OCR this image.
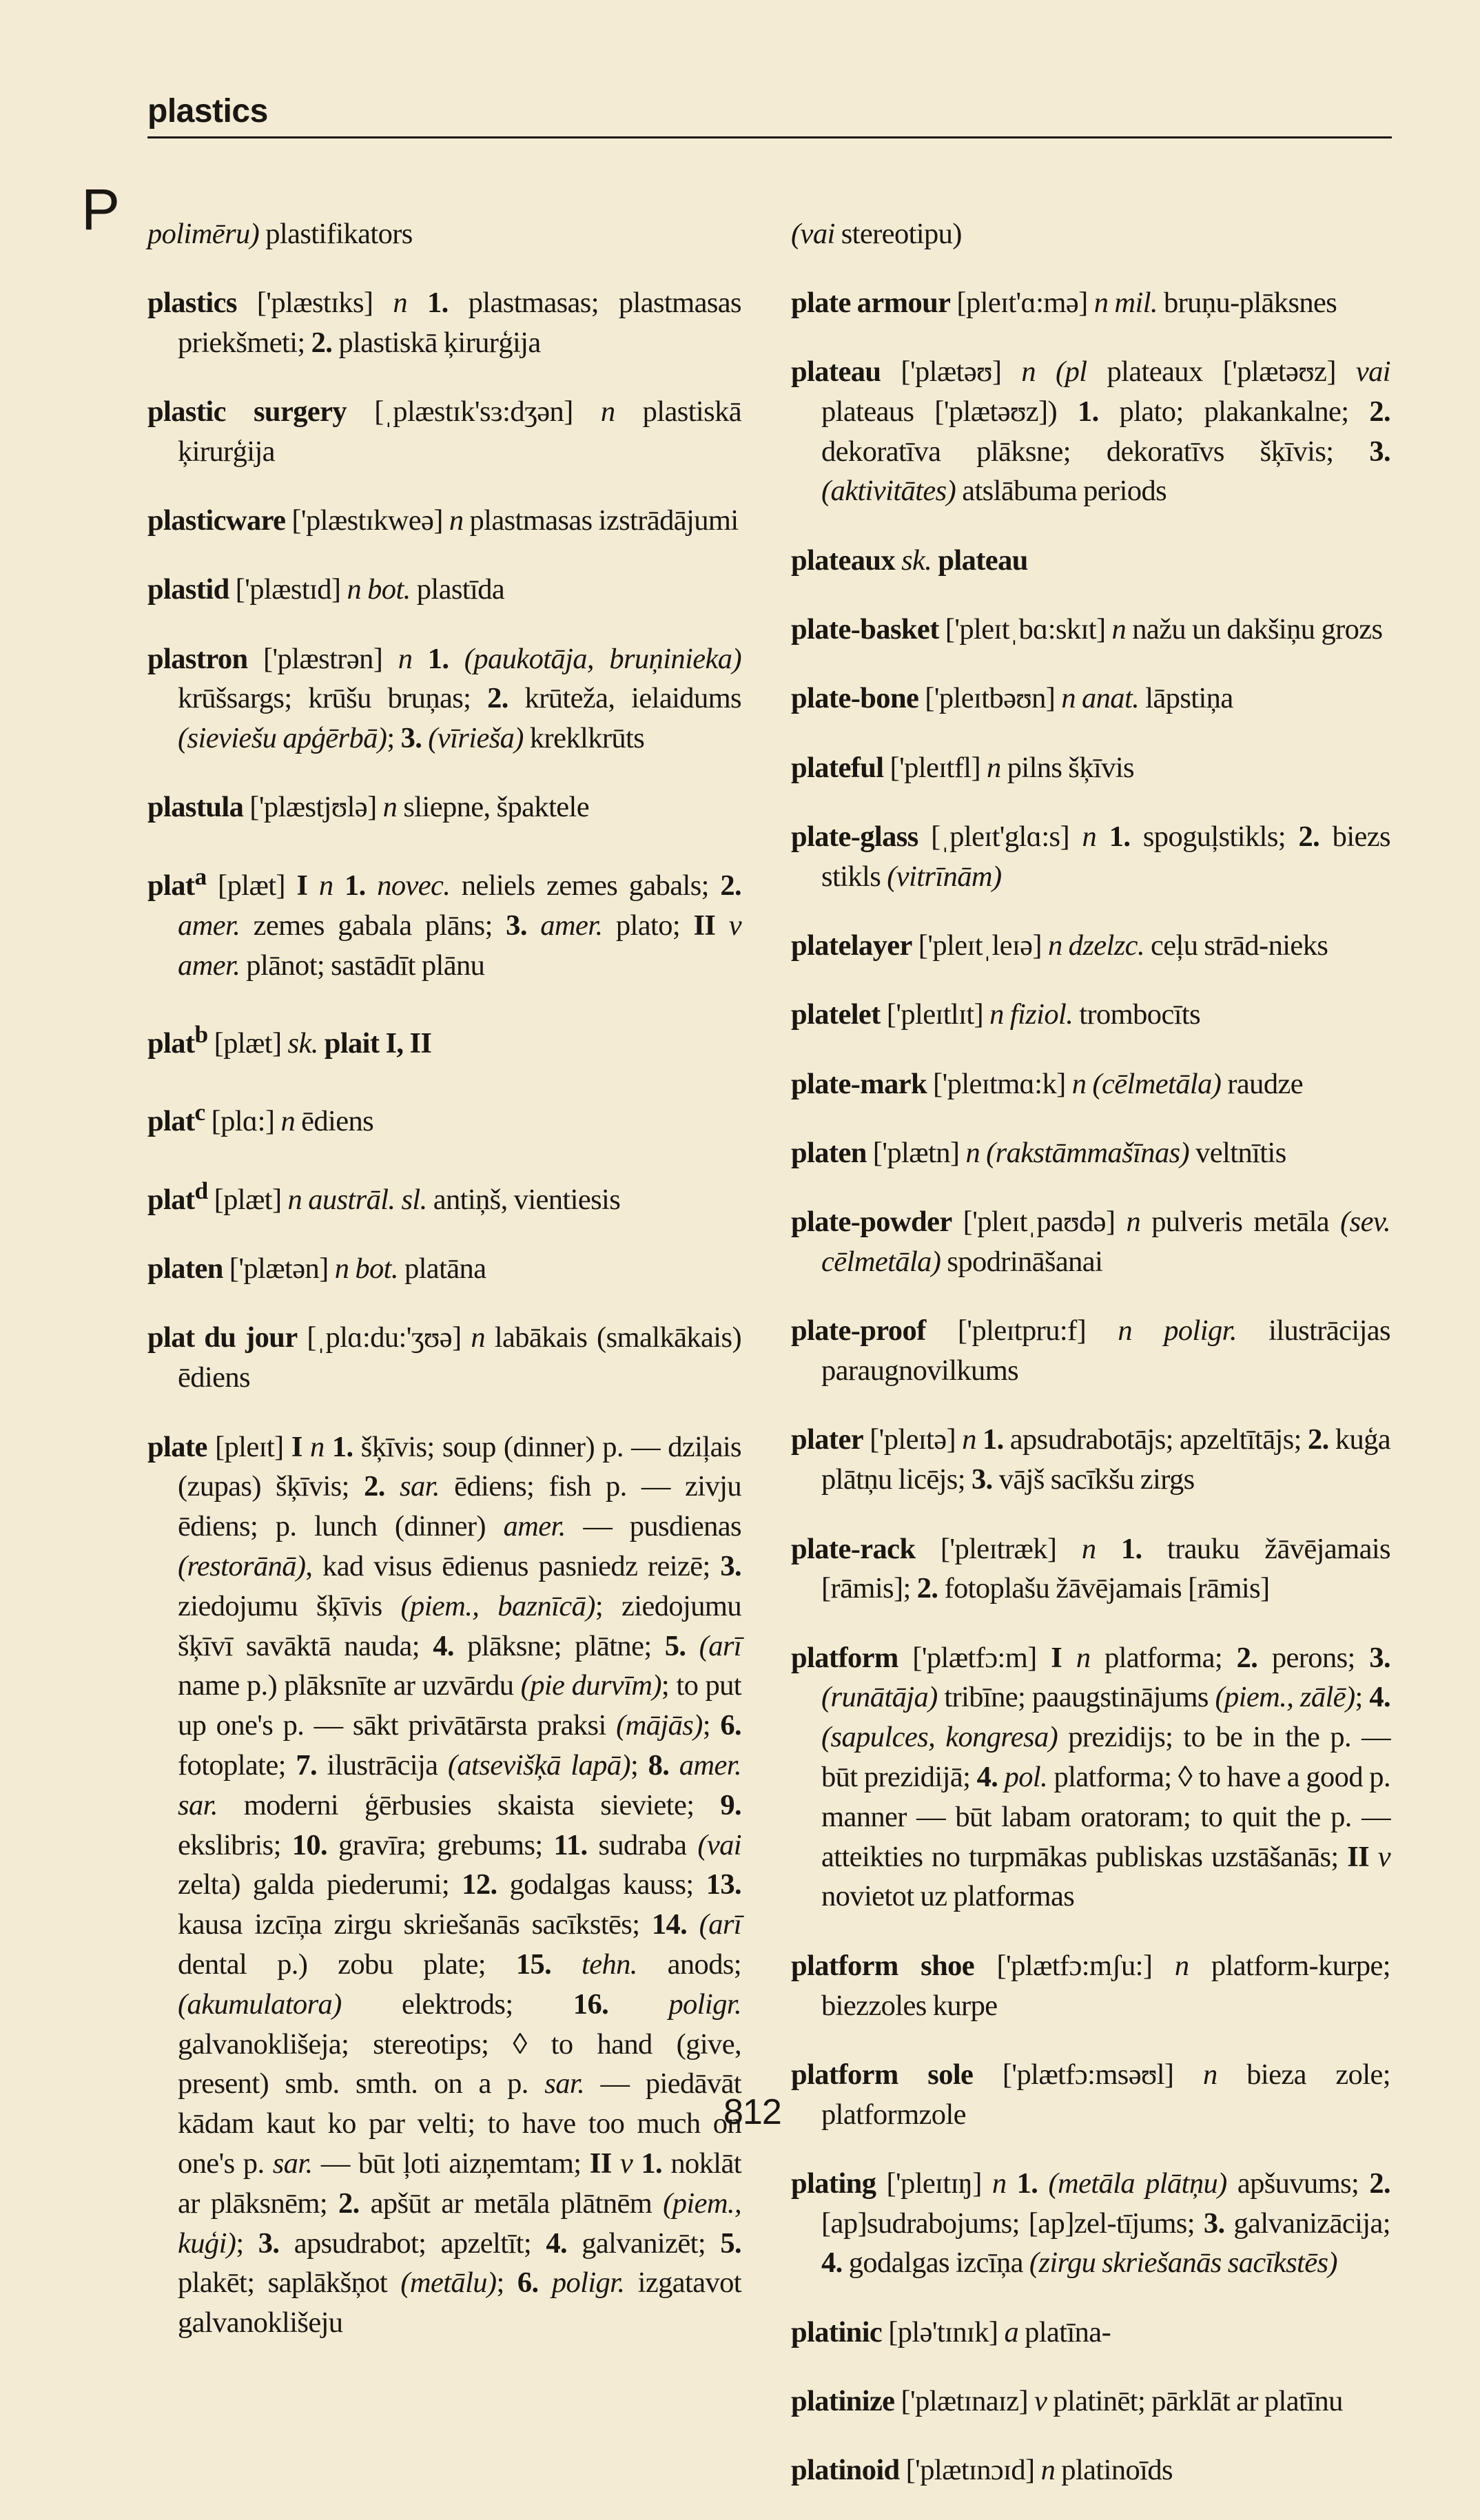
plastics
P polimēru) plastifikators

plastics ['plæstɪks] n 1. plastmasas; plastmasas priekšmeti; 2. plastiskā ķirurģija

plastic surgery [ˌplæstɪk'sɜ:dʒən] n plastiskā ķirurģija

plasticware ['plæstɪkweə] n plastmasas izstrādājumi

plastid ['plæstɪd] n bot. plastīda

plastron ['plæstrən] n 1. (paukotāja, bruņinieka) krūšsargs; krūšu bruņas; 2. krūteža, ielaidums (sieviešu apģērbā); 3. (vīrieša) kreklkrūts

plastula ['plæstjʊlə] n sliepne, špaktele

plat$^a$ [plæt] I n 1. novec. neliels zemes gabals; 2. amer. zemes gabala plāns; 3. amer. plato; II v amer. plānot; sastādīt plānu

plat$^b$ [plæt] sk. plait I, II

plat$^c$ [plɑ:] n ēdiens

plat$^d$ [plæt] n austrāl. sl. antiņš, vientiesis

platen ['plætən] n bot. platāna

plat du jour [ˌplɑ:du:'ʒʊə] n labākais (smalkākais) ēdiens

plate [pleɪt] I n 1. šķīvis; soup (dinner) p. — dziļais (zupas) šķīvis; 2. sar. ēdiens; fish p. — zivju ēdiens; p. lunch (dinner) amer. — pusdienas (restorānā), kad visus ēdienus pasniedz reizē; 3. ziedojumu šķīvis (piem., baznīcā); ziedojumu šķīvī savāktā nauda; 4. plāksne; plātne; 5. (arī name p.) plāksnīte ar uzvārdu (pie durvīm); to put up one's p. — sākt privātārsta praksi (mājās); 6. fotoplate; 7. ilustrācija (atsevišķā lapā); 8. amer. sar. moderni ģērbusies skaista sieviete; 9. ekslibris; 10. gravīra; grebums; 11. sudraba (vai zelta) galda piederumi; 12. godalgas kauss; 13. kausa izcīņa zirgu skriešanās sacīkstēs; 14. (arī dental p.) zobu plate; 15. tehn. anods; (akumulatora) elektrods; 16. poligr. galvanoklišeja; stereotips; ◊ to hand (give, present) smb. smth. on a p. sar. — piedāvāt kādam kaut ko par velti; to have too much on one's p. sar. — būt ļoti aizņemtam; II v 1. noklāt ar plāksnēm; 2. apšūt ar metāla plātnēm (piem., kuģi); 3. apsudrabot; apzeltīt; 4. galvanizēt; 5. plakēt; saplākšņot (metālu); 6. poligr. izgatavot galvanoklišeju

(vai stereotipu)

plate armour [pleɪt'ɑ:mə] n mil. bruņu-plāksnes

plateau ['plætəʊ] n (pl plateaux ['plætəʊz] vai plateaus ['plætəʊz]) 1. plato; plakankalne; 2. dekoratīva plāksne; dekoratīvs šķīvis; 3. (aktivitātes) atslābuma periods

plateaux sk. plateau

plate-basket ['pleɪtˌbɑ:skɪt] n nažu un dakšiņu grozs

plate-bone ['pleɪtbəʊn] n anat. lāpstiņa

plateful ['pleɪtfl] n pilns šķīvis

plate-glass [ˌpleɪt'glɑ:s] n 1. spoguļstikls; 2. biezs stikls (vitrīnām)

platelayer ['pleɪtˌleɪə] n dzelzc. ceļu strād-nieks

platelet ['pleɪtlɪt] n fiziol. trombocīts

plate-mark ['pleɪtmɑ:k] n (cēlmetāla) raudze

platen ['plætn] n (rakstāmmašīnas) veltnītis

plate-powder ['pleɪtˌpaʊdə] n pulveris metāla (sev. cēlmetāla) spodrināšanai

plate-proof ['pleɪtpru:f] n poligr. ilustrācijas paraugnovilkums

plater ['pleɪtə] n 1. apsudrabotājs; apzeltītājs; 2. kuģa plātņu licējs; 3. vājš sacīkšu zirgs

plate-rack ['pleɪtræk] n 1. trauku žāvējamais [rāmis]; 2. fotoplašu žāvējamais [rāmis]

platform ['plætfɔ:m] I n platforma; 2. perons; 3. (runātāja) tribīne; paaugstinājums (piem., zālē); 4. (sapulces, kongresa) prezidijs; to be in the p. — būt prezidijā; 4. pol. platforma; ◊ to have a good p. manner — būt labam oratoram; to quit the p. — atteikties no turpmākas publiskas uzstāšanās; II v novietot uz platformas

platform shoe ['plætfɔ:mʃu:] n platform-kurpe; biezzoles kurpe

platform sole ['plætfɔ:msəʊl] n bieza zole; platformzole

plating ['pleɪtɪŋ] n 1. (metāla plātņu) apšuvums; 2. [ap]sudrabojums; [ap]zel-tījums; 3. galvanizācija; 4. godalgas izcīņa (zirgu skriešanās sacīkstēs)

platinic [plə'tɪnɪk] a platīna-

platinize ['plætɪnaɪz] v platinēt; pārklāt ar platīnu

platinoid ['plætɪnɔɪd] n platinoīds

812
